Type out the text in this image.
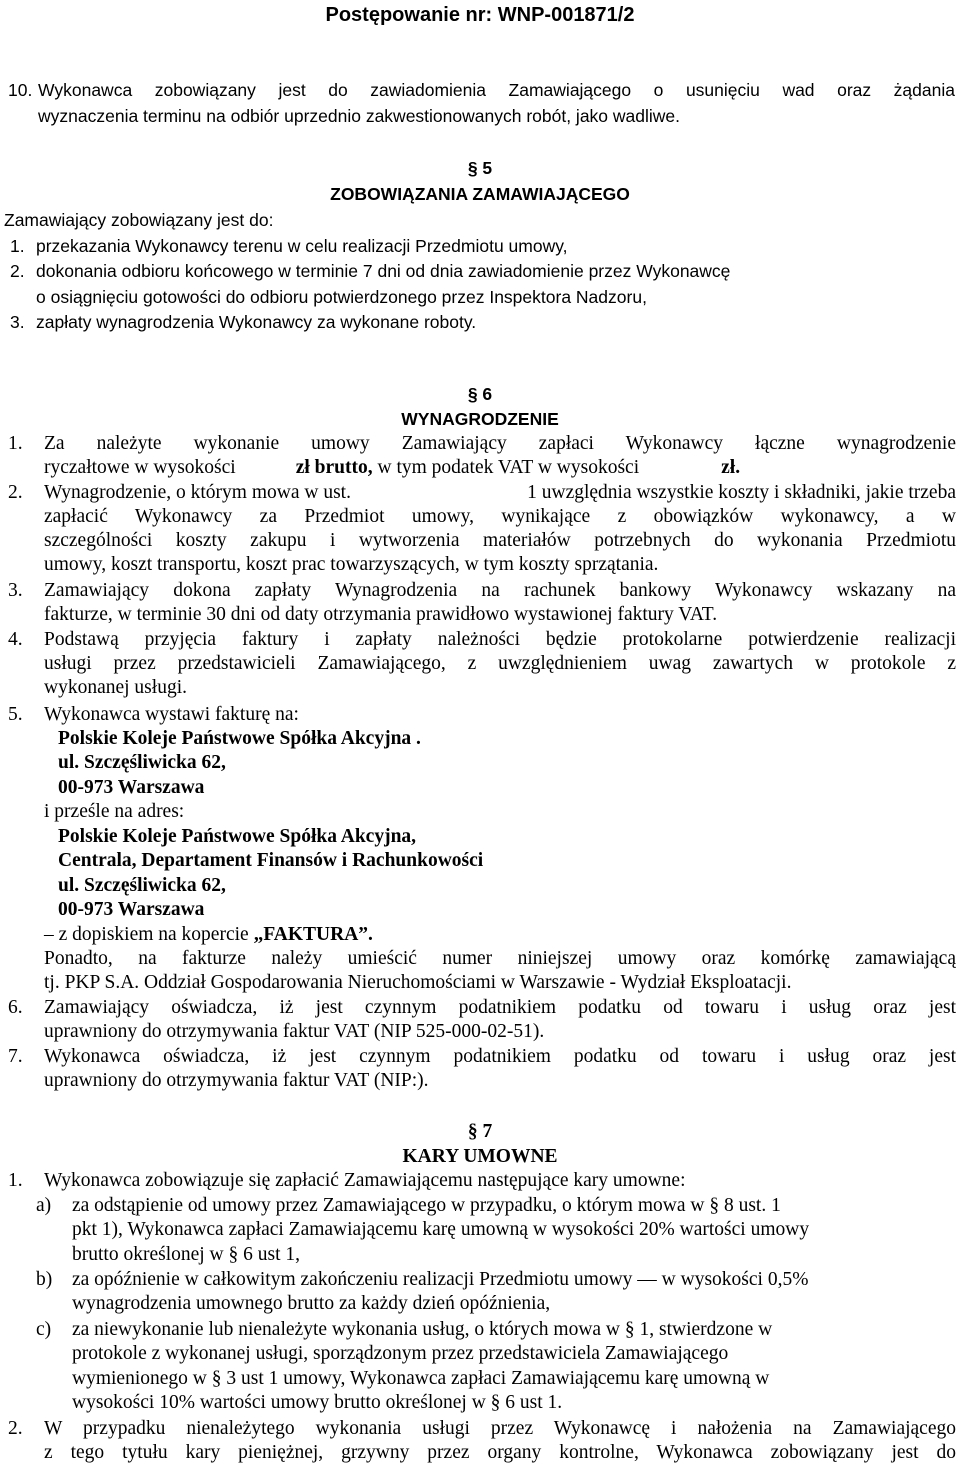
Postępowanie nr: WNP-001871/2
10. Wykonawca zobowiązany jest do zawiadomienia Zamawiającego o usunięciu wad oraz żądania
wyznaczenia terminu na odbiór uprzednio zakwestionowanych robót, jako wadliwe.
§ 5
ZOBOWIĄZANIA ZAMAWIAJĄCEGO
Zamawiający zobowiązany jest do:
1. przekazania Wykonawcy terenu w celu realizacji Przedmiotu umowy,
2. dokonania odbioru końcowego w terminie 7 dni od dnia zawiadomienie przez Wykonawcę
o osiągnięciu gotowości do odbioru potwierdzonego przez Inspektora Nadzoru,
3. zapłaty wynagrodzenia Wykonawcy za wykonane roboty.
§ 6
WYNAGRODZENIE
1. Za należyte wykonanie umowy Zamawiający zapłaci Wykonawcy łączne wynagrodzenie
ryczałtowe w wysokości	zł brutto, w tym podatek VAT w wysokości	zł.
2. Wynagrodzenie, o którym mowa w ust.	1 uwzględnia wszystkie koszty i składniki, jakie trzeba
zapłacić Wykonawcy za Przedmiot umowy, wynikające z obowiązków wykonawcy, a w
szczególności koszty zakupu i wytworzenia materiałów potrzebnych do wykonania Przedmiotu
umowy, koszt transportu, koszt prac towarzyszących, w tym koszty sprzątania.
3. Zamawiający dokona zapłaty Wynagrodzenia na rachunek bankowy Wykonawcy wskazany na
fakturze, w terminie 30 dni od daty otrzymania prawidłowo wystawionej faktury VAT.
4. Podstawą przyjęcia faktury i zapłaty należności będzie protokolarne potwierdzenie realizacji
usługi przez przedstawicieli Zamawiającego, z uwzględnieniem uwag zawartych w protokole z
wykonanej usługi.
5. Wykonawca wystawi fakturę na:
Polskie Koleje Państwowe Spółka Akcyjna .
ul. Szczęśliwicka 62,
00-973 Warszawa
i prześle na adres:
Polskie Koleje Państwowe Spółka Akcyjna,
Centrala, Departament Finansów i Rachunkowości
ul. Szczęśliwicka 62,
00-973 Warszawa
– z dopiskiem na kopercie „FAKTURA”.
Ponadto, na fakturze należy umieścić numer niniejszej umowy oraz komórkę zamawiającą
tj. PKP S.A. Oddział Gospodarowania Nieruchomościami w Warszawie - Wydział Eksploatacji.
6. Zamawiający oświadcza, iż jest czynnym podatnikiem podatku od towaru i usług oraz jest
uprawniony do otrzymywania faktur VAT (NIP 525-000-02-51).
7. Wykonawca oświadcza, iż jest czynnym podatnikiem podatku od towaru i usług oraz jest
uprawniony do otrzymywania faktur VAT (NIP:).
§ 7
KARY UMOWNE
1. Wykonawca zobowiązuje się zapłacić Zamawiającemu następujące kary umowne:
a) za odstąpienie od umowy przez Zamawiającego w przypadku, o którym mowa w § 8 ust. 1
pkt 1), Wykonawca zapłaci Zamawiającemu karę umowną w wysokości 20% wartości umowy
brutto określonej w § 6 ust 1,
b) za opóźnienie w całkowitym zakończeniu realizacji Przedmiotu umowy — w wysokości 0,5%
wynagrodzenia umownego brutto za każdy dzień opóźnienia,
c) za niewykonanie lub nienależyte wykonania usług, o których mowa w § 1, stwierdzone w
protokole z wykonanej usługi, sporządzonym przez przedstawiciela Zamawiającego
wymienionego w § 3 ust 1 umowy, Wykonawca zapłaci Zamawiającemu karę umowną w
wysokości 10% wartości umowy brutto określonej w § 6 ust 1.
2. W przypadku nienależytego wykonania usługi przez Wykonawcę i nałożenia na Zamawiającego
z tego tytułu kary pieniężnej, grzywny przez organy kontrolne, Wykonawca zobowiązany jest do
